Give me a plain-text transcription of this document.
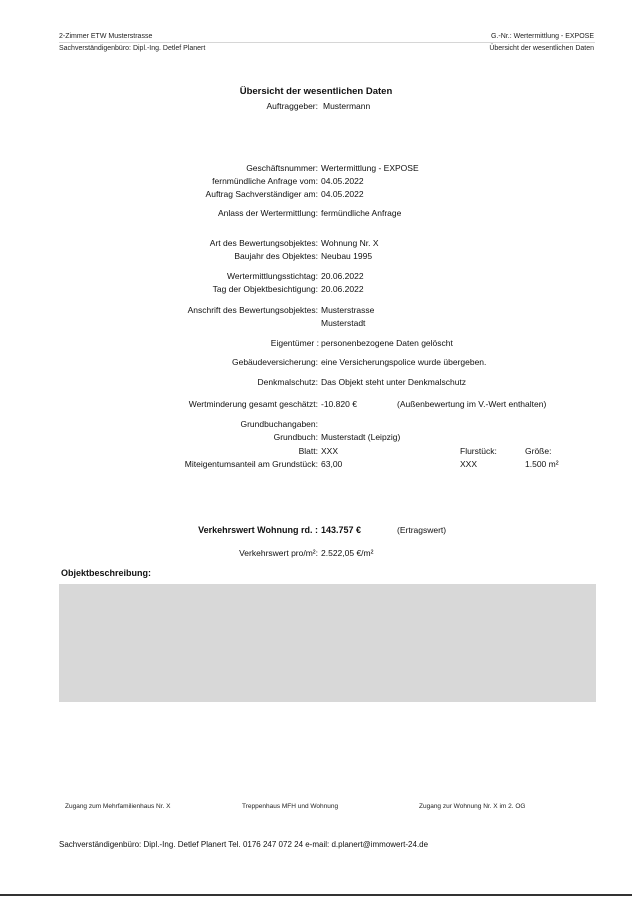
2-Zimmer ETW Musterstrasse
Sachverständigenbüro: Dipl.-Ing. Detlef Planert
G.-Nr.: Wertermittlung - EXPOSE
Übersicht der wesentlichen Daten
Übersicht der wesentlichen Daten
Auftraggeber: Mustermann
Geschäftsnummer: Wertermittlung - EXPOSE
fernmündliche Anfrage vom: 04.05.2022
Auftrag Sachverständiger am: 04.05.2022
Anlass der Wertermittlung: fermündliche Anfrage
Art des Bewertungsobjektes: Wohnung Nr. X
Baujahr des Objektes: Neubau 1995
Wertermittlungsstichtag: 20.06.2022
Tag der Objektbesichtigung: 20.06.2022
Anschrift des Bewertungsobjektes: Musterstrasse
Musterstadt
Eigentümer : personenbezogene Daten gelöscht
Gebäudeversicherung: eine Versicherungspolice wurde übergeben.
Denkmalschutz: Das Objekt steht unter Denkmalschutz
Wertminderung gesamt geschätzt: -10.820 €	(Außenbewertung im V.-Wert enthalten)
Grundbuchangaben:
Grundbuch: Musterstadt (Leipzig)
Blatt: XXX	Flurstück:	Größe:
Miteigentumsanteil am Grundstück: 63,00	XXX	1.500 m²
Verkehrswert Wohnung rd. : 143.757 €	(Ertragswert)
Verkehrswert pro/m²: 2.522,05 €/m²
Objektbeschreibung:
Zugang zum Mehrfamilienhaus Nr. X	Treppenhaus MFH und Wohnung	Zugang zur Wohnung Nr. X im 2. OG
Sachverständigenbüro: Dipl.-Ing. Detlef Planert Tel. 0176 247 072 24 e-mail: d.planert@immowert-24.de
